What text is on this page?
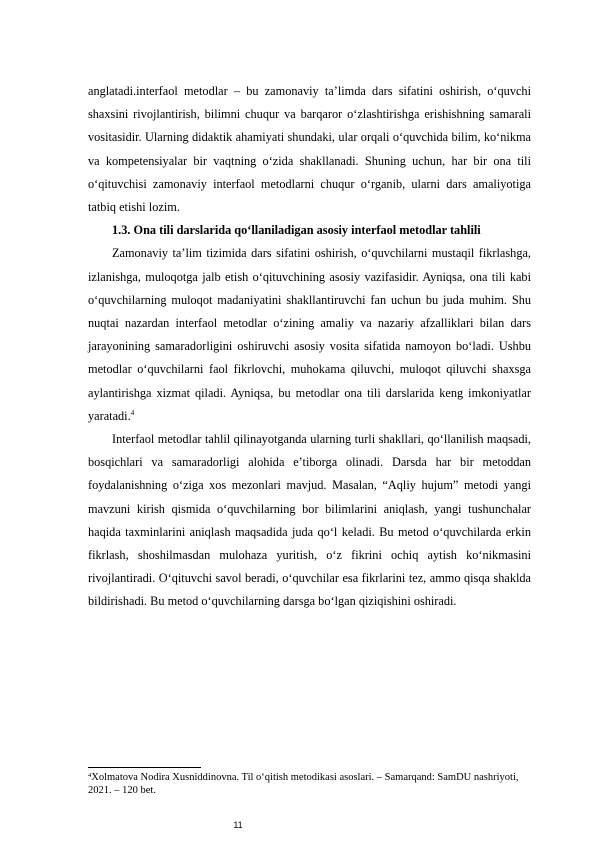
anglatadi.interfaol metodlar – bu zamonaviy ta’limda dars sifatini oshirish, o‘quvchi shaxsini rivojlantirish, bilimni chuqur va barqaror o‘zlashtirishga erishishning samarali vositasidir. Ularning didaktik ahamiyati shundaki, ular orqali o‘quvchida bilim, ko‘nikma va kompetensiyalar bir vaqtning o‘zida shakllanadi. Shuning uchun, har bir ona tili o‘qituvchisi zamonaviy interfaol metodlarni chuqur o‘rganib, ularni dars amaliyotiga tatbiq etishi lozim.

1.3. Ona tili darslarida qo‘llaniladigan asosiy interfaol metodlar tahlili

Zamonaviy ta’lim tizimida dars sifatini oshirish, o‘quvchilarni mustaqil fikrlashga, izlanishga, muloqotga jalb etish o‘qituvchining asosiy vazifasidir. Ayniqsa, ona tili kabi o‘quvchilarning muloqot madaniyatini shakllantiruvchi fan uchun bu juda muhim. Shu nuqtai nazardan interfaol metodlar o‘zining amaliy va nazariy afzalliklari bilan dars jarayonining samaradorligini oshiruvchi asosiy vosita sifatida namoyon bo‘ladi. Ushbu metodlar o‘quvchilarni faol fikrlovchi, muhokama qiluvchi, muloqot qiluvchi shaxsga aylantirishga xizmat qiladi. Ayniqsa, bu metodlar ona tili darslarida keng imkoniyatlar yaratadi.$^4$

Interfaol metodlar tahlil qilinayotganda ularning turli shakllari, qo‘llanilish maqsadi, bosqichlari va samaradorligi alohida e’tiborga olinadi. Darsda har bir metoddan foydalanishning o‘ziga xos mezonlari mavjud. Masalan, “Aqliy hujum” metodi yangi mavzuni kirish qismida o‘quvchilarning bor bilimlarini aniqlash, yangi tushunchalar haqida taxminlarini aniqlash maqsadida juda qo‘l keladi. Bu metod o‘quvchilarda erkin fikrlash, shoshilmasdan mulohaza yuritish, o‘z fikrini ochiq aytish ko‘nikmasini rivojlantiradi. O‘qituvchi savol beradi, o‘quvchilar esa fikrlarini tez, ammo qisqa shaklda bildirishadi. Bu metod o‘quvchilarning darsga bo‘lgan qiziqishini oshiradi.

$^4$Xolmatova Nodira Xusniddinovna. Til o‘qitish metodikasi asoslari. – Samarqand: SamDU nashriyoti, 2021. – 120 bet.

11
